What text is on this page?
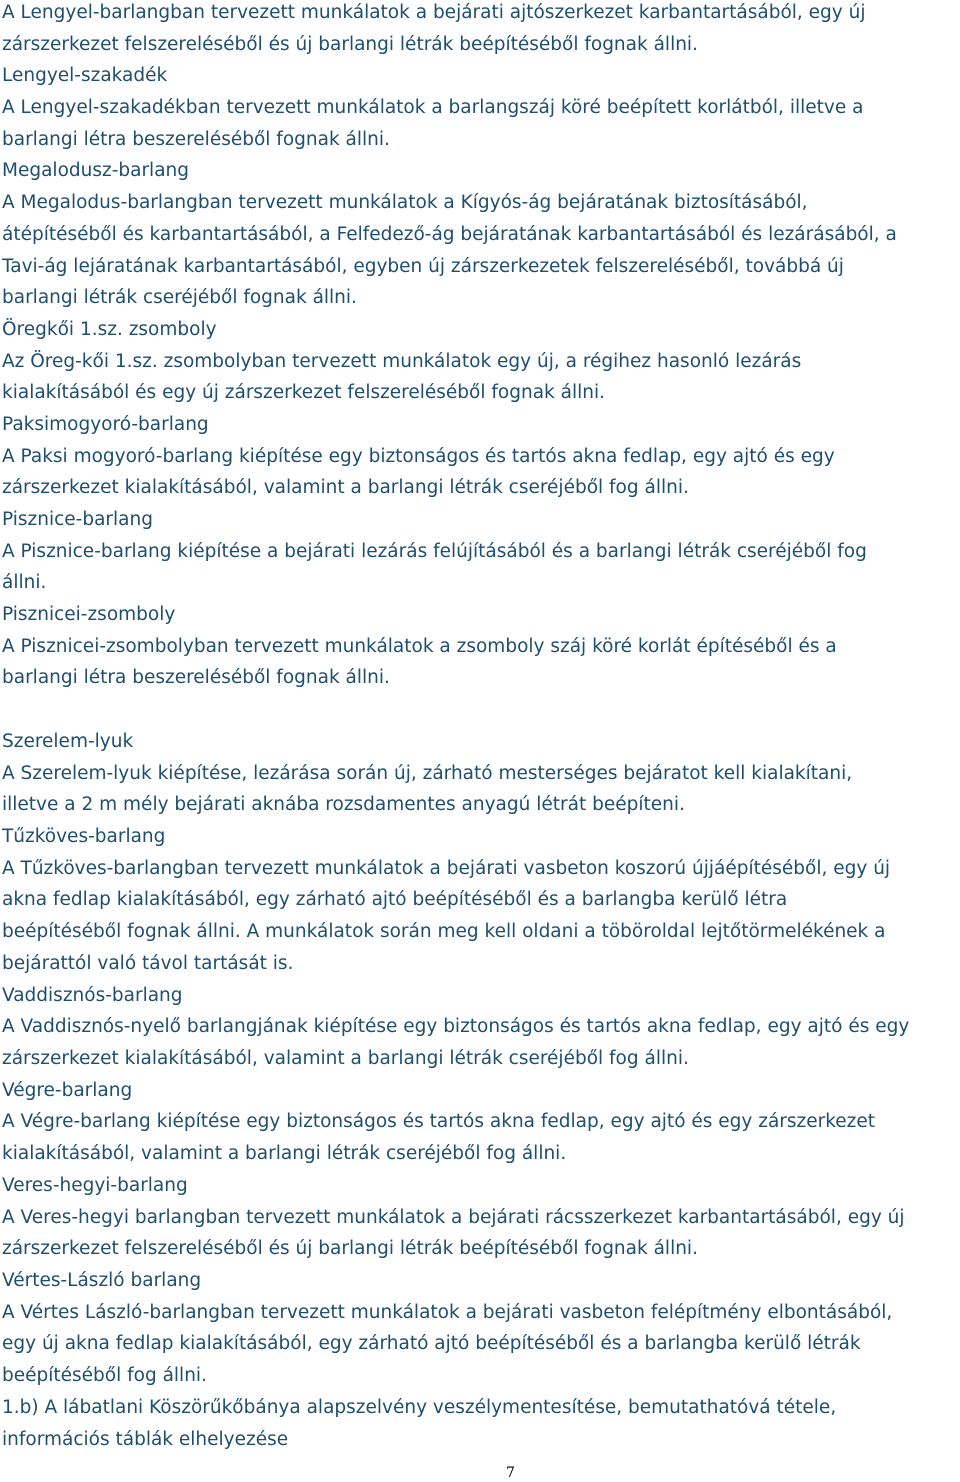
A Lengyel-barlangban tervezett munkálatok a bejárati ajtószerkezet karbantartásából, egy új
zárszerkezet felszereléséből és új barlangi létrák beépítéséből fognak állni.
Lengyel-szakadék
A Lengyel-szakadékban tervezett munkálatok a barlangszáj köré beépített korlátból, illetve a
barlangi létra beszereléséből fognak állni.
Megalodusz-barlang
A Megalodus-barlangban tervezett munkálatok a Kígyós-ág bejáratának biztosításából,
átépítéséből és karbantartásából, a Felfedező-ág bejáratának karbantartásából és lezárásából, a
Tavi-ág lejáratának karbantartásából, egyben új zárszerkezetek felszereléséből, továbbá új
barlangi létrák cseréjéből fognak állni.
Öregkői 1.sz. zsomboly
Az Öreg-kői 1.sz. zsombolyban tervezett munkálatok egy új, a régihez hasonló lezárás
kialakításából és egy új zárszerkezet felszereléséből fognak állni.
Paksimogyoró-barlang
A Paksi mogyoró-barlang kiépítése egy biztonságos és tartós akna fedlap, egy ajtó és egy
zárszerkezet kialakításából, valamint a barlangi létrák cseréjéből fog állni.
Pisznice-barlang
A Pisznice-barlang kiépítése a bejárati lezárás felújításából és a barlangi létrák cseréjéből fog
állni.
Pisznicei-zsomboly
A Pisznicei-zsombolyban tervezett munkálatok a zsomboly száj köré korlát építéséből és a
barlangi létra beszereléséből fognak állni.
Szerelem-lyuk
A Szerelem-lyuk kiépítése, lezárása során új, zárható mesterséges bejáratot kell kialakítani,
illetve a 2 m mély bejárati aknába rozsdamentes anyagú létrát beépíteni.
Tűzköves-barlang
A Tűzköves-barlangban tervezett munkálatok a bejárati vasbeton koszorú újjáépítéséből, egy új
akna fedlap kialakításából, egy zárható ajtó beépítéséből és a barlangba kerülő létra
beépítéséből fognak állni. A munkálatok során meg kell oldani a töböroldal lejtőtörmelékének a
bejárattól való távol tartását is.
Vaddisznós-barlang
A Vaddisznós-nyelő barlangjának kiépítése egy biztonságos és tartós akna fedlap, egy ajtó és egy
zárszerkezet kialakításából, valamint a barlangi létrák cseréjéből fog állni.
Végre-barlang
A Végre-barlang kiépítése egy biztonságos és tartós akna fedlap, egy ajtó és egy zárszerkezet
kialakításából, valamint a barlangi létrák cseréjéből fog állni.
Veres-hegyi-barlang
A Veres-hegyi barlangban tervezett munkálatok a bejárati rácsszerkezet karbantartásából, egy új
zárszerkezet felszereléséből és új barlangi létrák beépítéséből fognak állni.
Vértes-László barlang
A Vértes László-barlangban tervezett munkálatok a bejárati vasbeton felépítmény elbontásából,
egy új akna fedlap kialakításából, egy zárható ajtó beépítéséből és a barlangba kerülő létrák
beépítéséből fog állni.
1.b) A lábatlani Köszörűkőbánya alapszelvény veszélymentesítése, bemutathatóvá tétele,
információs táblák elhelyezése
7
